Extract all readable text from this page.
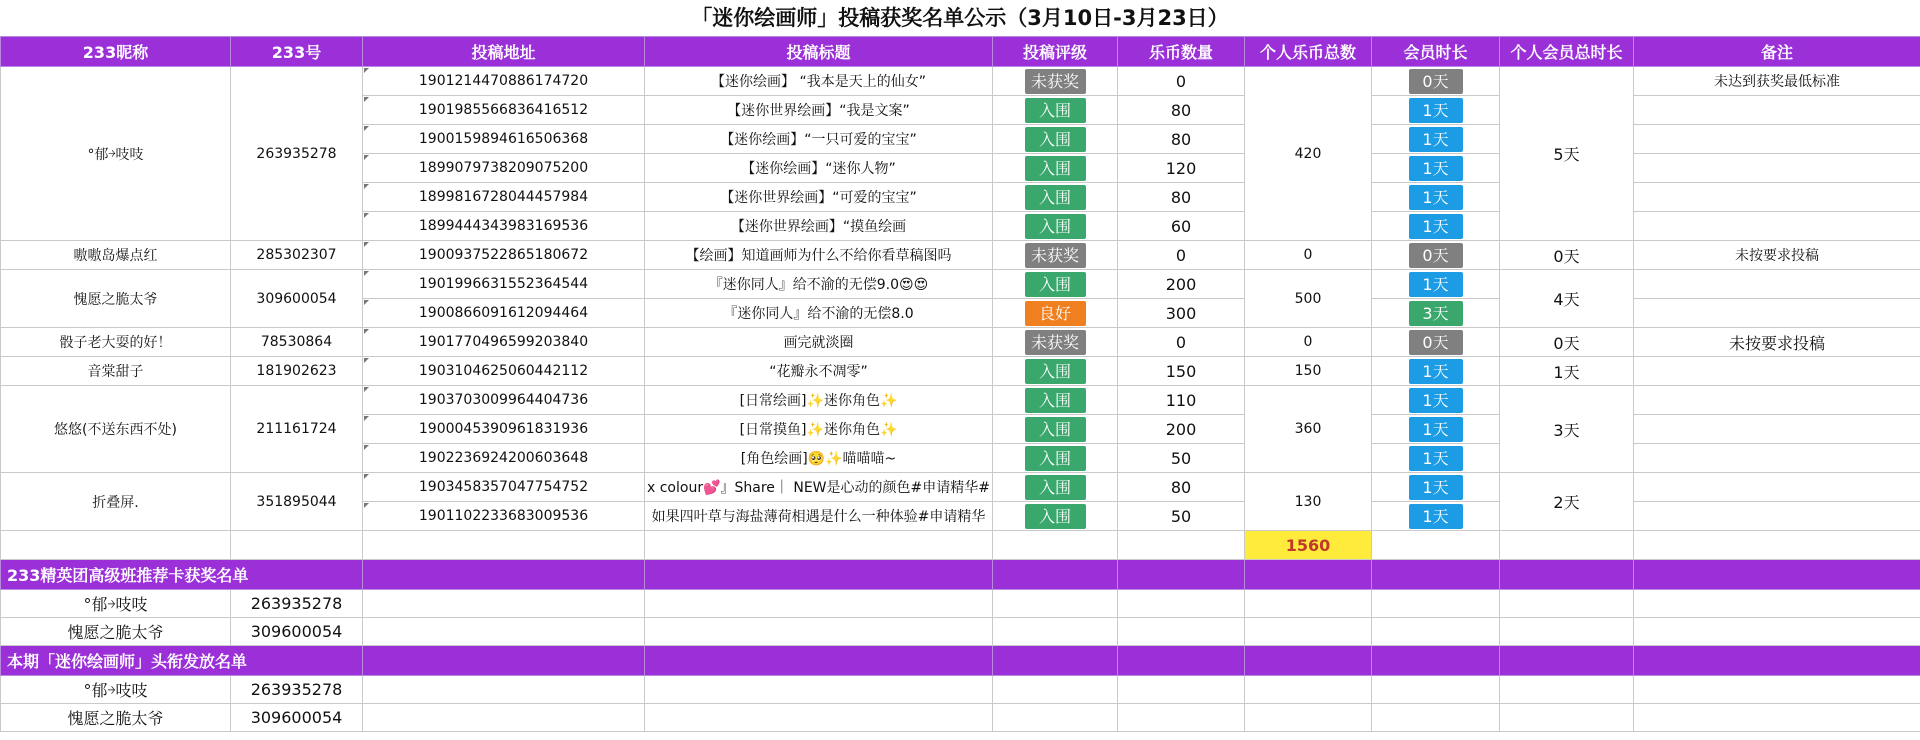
「迷你绘画师」投稿获奖名单公示（3月10日-3月23日）
233昵称	233号	投稿地址	投稿标题	投稿评级	乐币数量	个人乐币总数	会员时长	个人会员总时长	备注
°郁￫吱吱	263935278	1901214470886174720	【迷你绘画】 “我本是天上的仙女”	未获奖	0	420	0天	5天	未达到获奖最低标准
		1901985566836416512	【迷你世界绘画】“我是文案”	入围	80		1天		
		1900159894616506368	【迷你绘画】“一只可爱的宝宝”	入围	80		1天		
		1899079738209075200	【迷你绘画】“迷你人物”	入围	120		1天		
		1899816728044457984	【迷你世界绘画】“可爱的宝宝”	入围	80		1天		
		1899444343983169536	【迷你世界绘画】“摸鱼绘画	入围	60		1天		
嗷嗷岛爆点红	285302307	1900937522865180672	【绘画】知道画师为什么不给你看草稿图吗	未获奖	0	0	0天	0天	未按要求投稿
愧愿之脆太爷	309600054	1901996631552364544	『迷你同人』给不渝的无偿9.0😍😍	入围	200	500	1天	4天	
		1900866091612094464	『迷你同人』给不渝的无偿8.0	良好	300		3天		
骰子老大耍的好！	78530864	1901770496599203840	画完就淡圈	未获奖	0	0	0天	0天	未按要求投稿
音棠甜子	181902623	1903104625060442112	“花瓣永不凋零”	入围	150	150	1天	1天	
悠悠(不送东西不处)	211161724	1903703009964404736	[日常绘画]✨迷你角色✨	入围	110	360	1天	3天	
		1900045390961831936	[日常摸鱼]✨迷你角色✨	入围	200		1天		
		1902236924200603648	[角色绘画]🥺✨喵喵喵~	入围	50		1天		
折叠屏.	351895044	1903458357047754752	x colour💕』Share｜ NEW是心动的颜色#申请精华#	入围	80	130	1天	2天	
		1901102233683009536	如果四叶草与海盐薄荷相遇是什么一种体验#申请精华	入围	50		1天		
						1560			
233精英团高级班推荐卡获奖名单									
°郁￫吱吱	263935278								
愧愿之脆太爷	309600054								
本期「迷你绘画师」头衔发放名单									
°郁￫吱吱	263935278								
愧愿之脆太爷	309600054								
